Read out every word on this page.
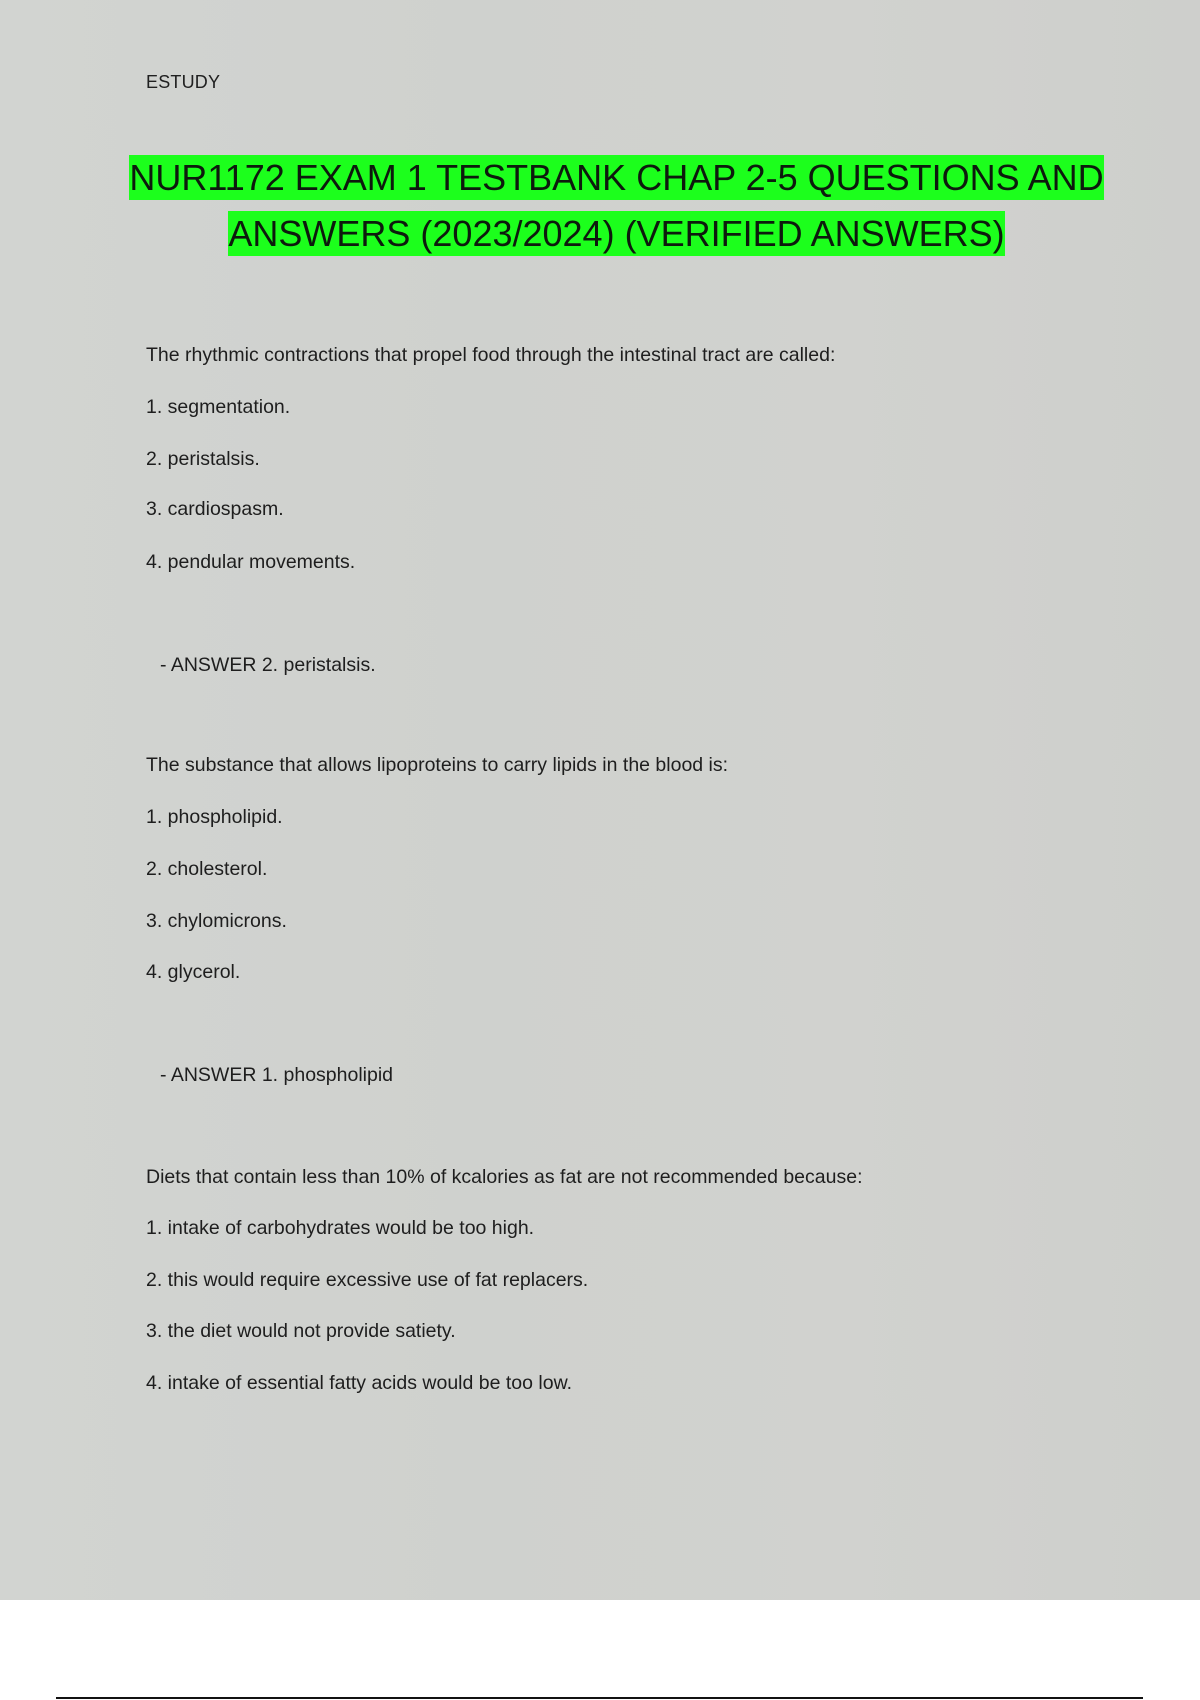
ESTUDY
NUR1172 EXAM 1 TESTBANK CHAP 2-5 QUESTIONS AND
ANSWERS (2023/2024) (VERIFIED ANSWERS)
The rhythmic contractions that propel food through the intestinal tract are called:
1. segmentation.
2. peristalsis.
3. cardiospasm.
4. pendular movements.
- ANSWER 2. peristalsis.
The substance that allows lipoproteins to carry lipids in the blood is:
1. phospholipid.
2. cholesterol.
3. chylomicrons.
4. glycerol.
- ANSWER 1. phospholipid
Diets that contain less than 10% of kcalories as fat are not recommended because:
1. intake of carbohydrates would be too high.
2. this would require excessive use of fat replacers.
3. the diet would not provide satiety.
4. intake of essential fatty acids would be too low.
